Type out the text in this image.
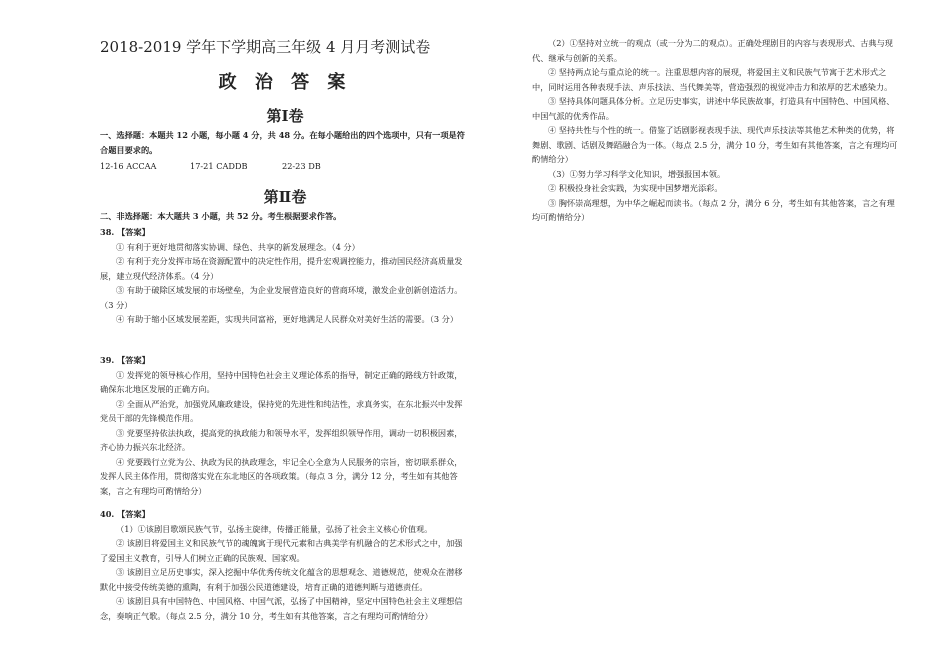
2018-2019 学年下学期高三年级 4 月月考测试卷
政 治 答 案
第Ⅰ卷

一、选择题：本题共 12 小题，每小题 4 分，共 48 分。在每小题给出的四个选项中，只有一项是符合题目要求的。

12-16 ACCAA	17-21 CADDB	22-23 DB
第Ⅱ卷

二、非选择题：本大题共 3 小题，共 52 分。考生根据要求作答。

38. 【答案】

① 有利于更好地贯彻落实协调、绿色、共享的新发展理念。（4 分）

② 有利于充分发挥市场在资源配置中的决定性作用，提升宏观调控能力，推动国民经济高质量发展，建立现代经济体系。（4 分）

③ 有助于破除区域发展的市场壁垒，为企业发展营造良好的营商环境，激发企业创新创造活力。（3 分）

④ 有助于缩小区域发展差距，实现共同富裕，更好地满足人民群众对美好生活的需要。（3 分）

39. 【答案】

① 发挥党的领导核心作用，坚持中国特色社会主义理论体系的指导，制定正确的路线方针政策，确保东北地区发展的正确方向。

② 全面从严治党，加强党风廉政建设，保持党的先进性和纯洁性，求真务实，在东北振兴中发挥党员干部的先锋模范作用。

③ 党要坚持依法执政，提高党的执政能力和领导水平，发挥组织领导作用，调动一切积极因素，齐心协力振兴东北经济。

④ 党要践行立党为公、执政为民的执政理念，牢记全心全意为人民服务的宗旨，密切联系群众，发挥人民主体作用，贯彻落实党在东北地区的各项政策。（每点 3 分，满分 12 分，考生如有其他答案，言之有理均可酌情给分）

40. 【答案】

（1）①该剧目歌颂民族气节，弘扬主旋律，传播正能量，弘扬了社会主义核心价值观。

② 该剧目将爱国主义和民族气节的魂魄寓于现代元素和古典美学有机融合的艺术形式之中，加强了爱国主义教育，引导人们树立正确的民族观、国家观。

③ 该剧目立足历史事实，深入挖掘中华优秀传统文化蕴含的思想观念、道德规范，使观众在潜移默化中接受传统美德的熏陶，有利于加强公民道德建设，培育正确的道德判断与道德责任。

④ 该剧目具有中国特色、中国风格、中国气派，弘扬了中国精神，坚定中国特色社会主义理想信念，奏响正气歌。（每点 2.5 分，满分 10 分，考生如有其他答案，言之有理均可酌情给分）

（2）①坚持对立统一的观点（或一分为二的观点）。正确处理剧目的内容与表现形式、古典与现代、继承与创新的关系。

② 坚持两点论与重点论的统一。注重思想内容的展现，将爱国主义和民族气节寓于艺术形式之中，同时运用各种表现手法、声乐技法、当代舞美等，营造强烈的视觉冲击力和浓厚的艺术感染力。

③ 坚持具体问题具体分析。立足历史事实，讲述中华民族故事，打造具有中国特色、中国风格、中国气派的优秀作品。

④ 坚持共性与个性的统一。借鉴了话剧影视表现手法、现代声乐技法等其他艺术种类的优势，将舞剧、歌剧、话剧及舞蹈融合为一体。（每点 2.5 分，满分 10 分，考生如有其他答案，言之有理均可酌情给分）

（3）①努力学习科学文化知识，增强报国本领。

② 积极投身社会实践，为实现中国梦增光添彩。

③ 胸怀崇高理想，为中华之崛起而读书。（每点 2 分，满分 6 分，考生如有其他答案，言之有理均可酌情给分）
